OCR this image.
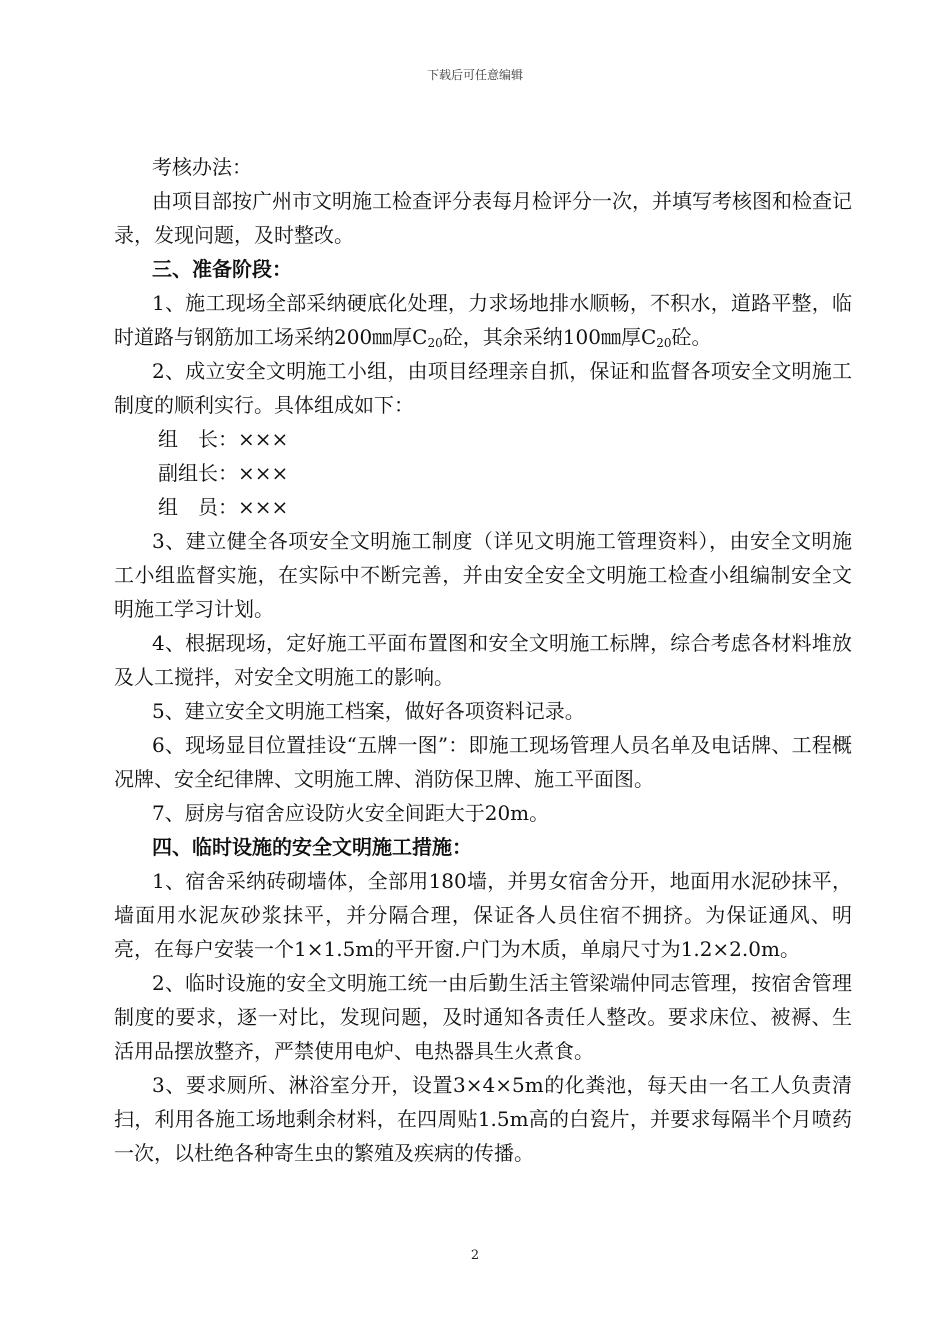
下载后可任意编辑

考核办法：

由项目部按广州市文明施工检查评分表每月检评分一次，并填写考核图和检查记录，发现问题，及时整改。

三、准备阶段：

1、施工现场全部采纳硬底化处理，力求场地排水顺畅，不积水，道路平整，临时道路与钢筋加工场采纳200㎜厚$C_{20}$砼，其余采纳100㎜厚$C_{20}$砼。

2、成立安全文明施工小组，由项目经理亲自抓，保证和监督各项安全文明施工制度的顺利实行。具体组成如下：

组　长：×××

副组长：×××

组　员：×××

3、建立健全各项安全文明施工制度（详见文明施工管理资料），由安全文明施工小组监督实施，在实际中不断完善，并由安全安全文明施工检查小组编制安全文明施工学习计划。

4、根据现场，定好施工平面布置图和安全文明施工标牌，综合考虑各材料堆放及人工搅拌，对安全文明施工的影响。

5、建立安全文明施工档案，做好各项资料记录。

6、现场显目位置挂设“五牌一图”：即施工现场管理人员名单及电话牌、工程概况牌、安全纪律牌、文明施工牌、消防保卫牌、施工平面图。

7、厨房与宿舍应设防火安全间距大于20m。

四、临时设施的安全文明施工措施：

1、宿舍采纳砖砌墙体，全部用180墙，并男女宿舍分开，地面用水泥砂抹平，墙面用水泥灰砂浆抹平，并分隔合理，保证各人员住宿不拥挤。为保证通风、明亮，在每户安装一个1×1.5m的平开窗.户门为木质，单扇尺寸为1.2×2.0m。

2、临时设施的安全文明施工统一由后勤生活主管梁端仲同志管理，按宿舍管理制度的要求，逐一对比，发现问题，及时通知各责任人整改。要求床位、被褥、生活用品摆放整齐，严禁使用电炉、电热器具生火煮食。

3、要求厕所、淋浴室分开，设置3×4×5m的化粪池，每天由一名工人负责清扫，利用各施工场地剩余材料，在四周贴1.5m高的白瓷片，并要求每隔半个月喷药一次，以杜绝各种寄生虫的繁殖及疾病的传播。

2
